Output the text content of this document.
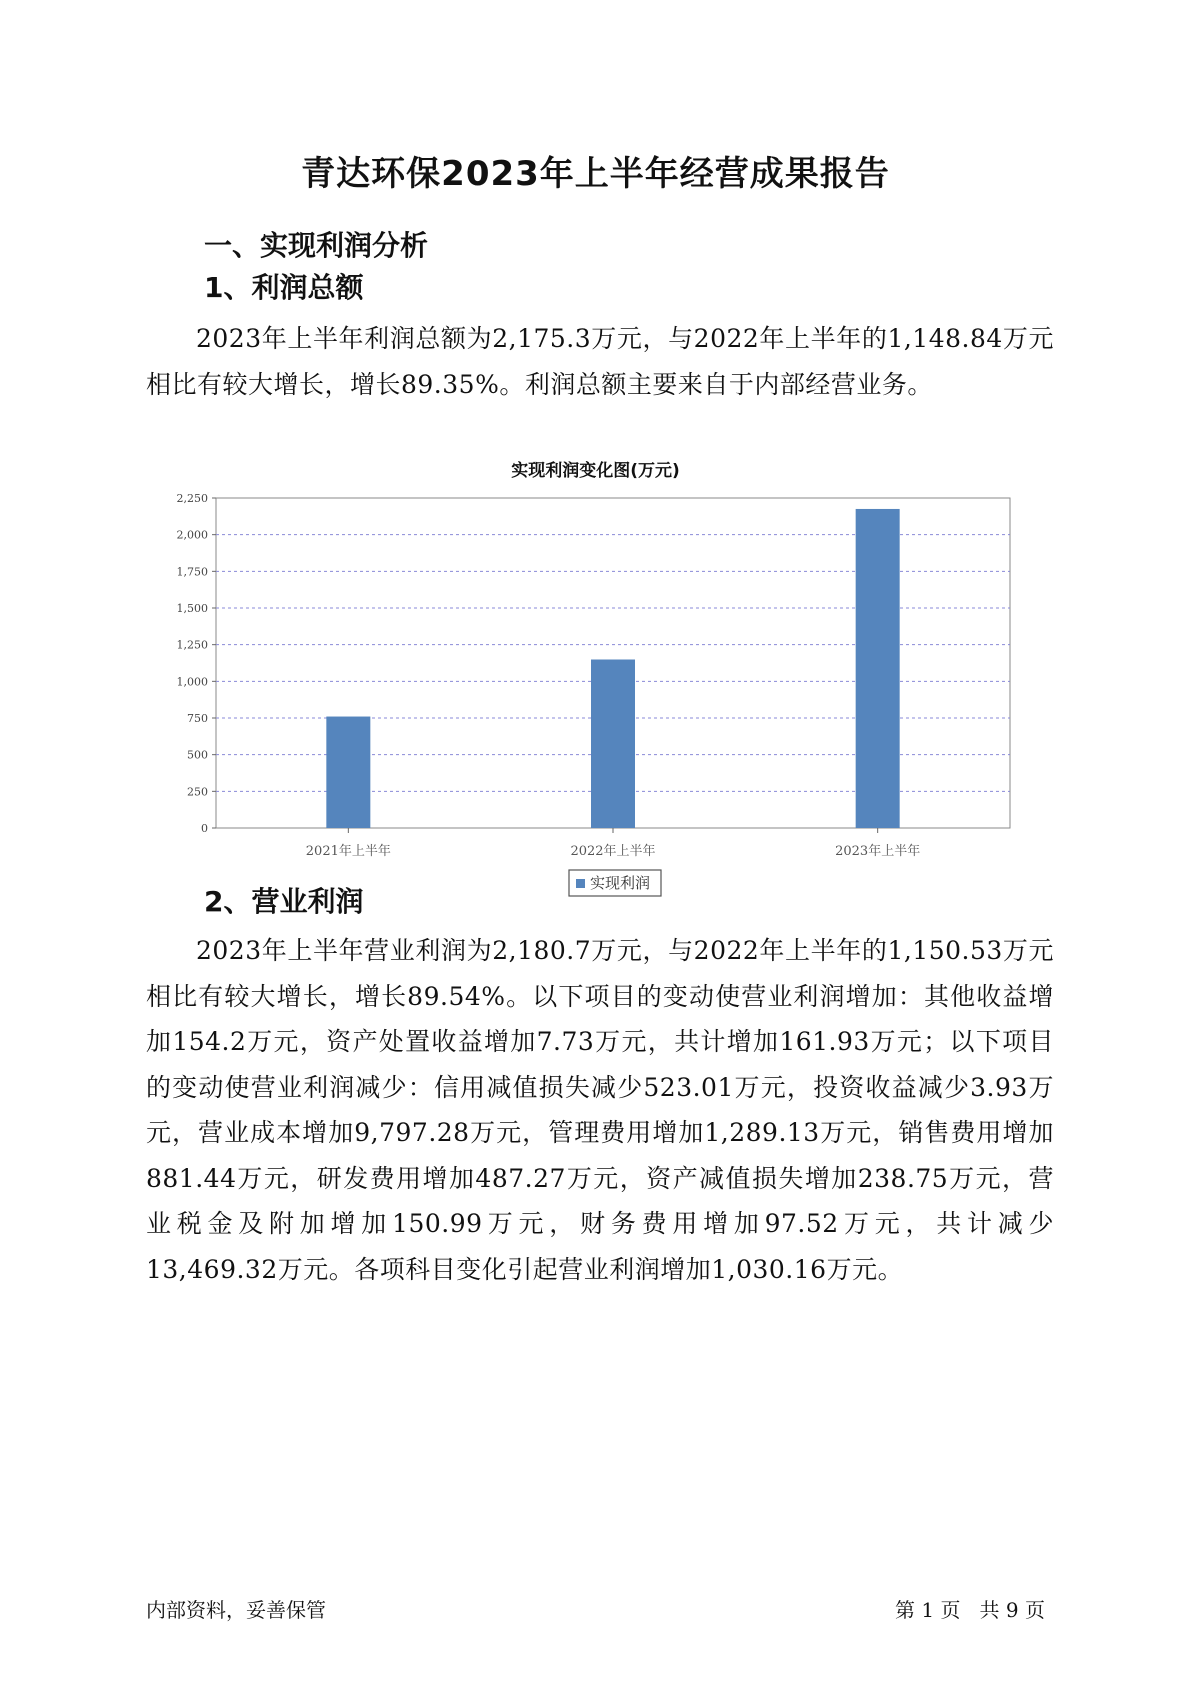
青达环保2023年上半年经营成果报告
一、实现利润分析
1、利润总额
2023年上半年利润总额为2,175.3万元，与2022年上半年的1,148.84万元相比有较大增长，增长89.35%。利润总额主要来自于内部经营业务。
实现利润变化图(万元)
0
250
500
750
1,000
1,250
1,500
1,750
2,000
2,250
2021年上半年	2022年上半年	2023年上半年
实现利润
2、营业利润
2023年上半年营业利润为2,180.7万元，与2022年上半年的1,150.53万元相比有较大增长，增长89.54%。以下项目的变动使营业利润增加：其他收益增加154.2万元，资产处置收益增加7.73万元，共计增加161.93万元；以下项目的变动使营业利润减少：信用减值损失减少523.01万元，投资收益减少3.93万元，营业成本增加9,797.28万元，管理费用增加1,289.13万元，销售费用增加881.44万元，研发费用增加487.27万元，资产减值损失增加238.75万元，营业税金及附加增加150.99万元，财务费用增加97.52万元，共计减少13,469.32万元。各项科目变化引起营业利润增加1,030.16万元。
内部资料，妥善保管	第 1 页   共 9 页
